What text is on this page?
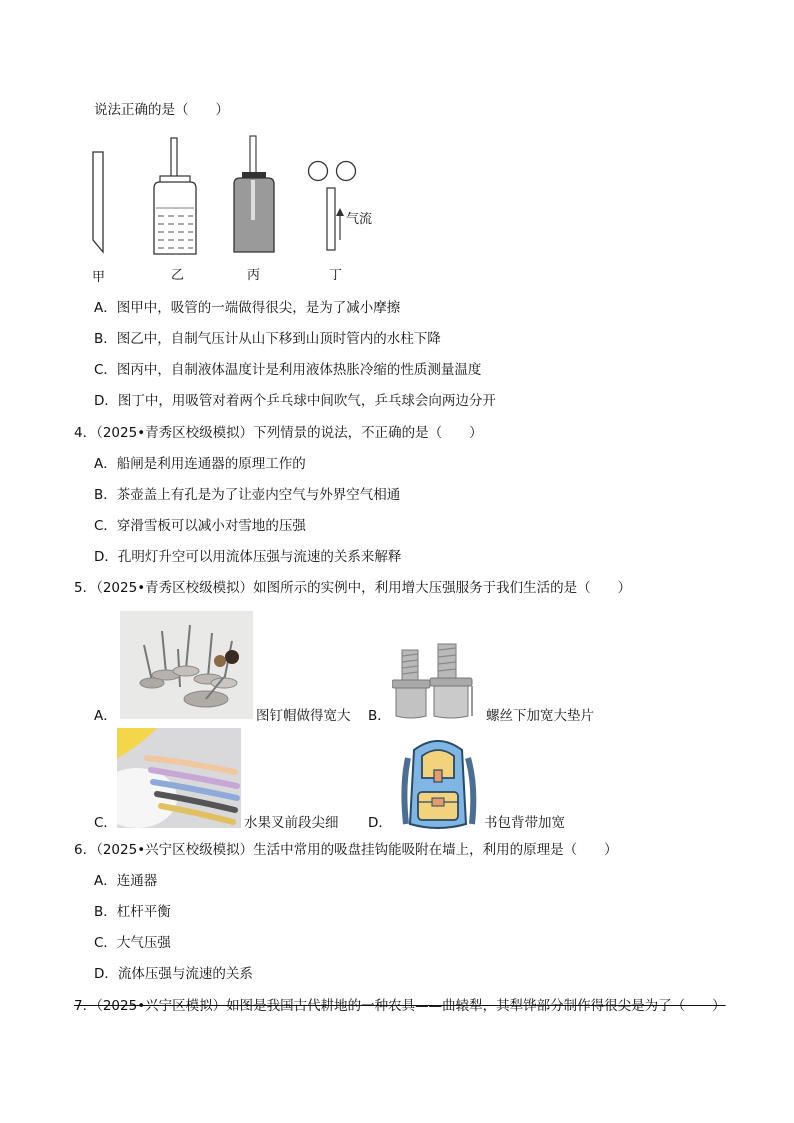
说法正确的是（　　）
甲	乙	丙
气流
丁
A．图甲中，吸管的一端做得很尖，是为了减小摩擦
B．图乙中，自制气压计从山下移到山顶时管内的水柱下降
C．图丙中，自制液体温度计是利用液体热胀冷缩的性质测量温度
D．图丁中，用吸管对着两个乒乓球中间吹气，乒乓球会向两边分开
4．（2025•青秀区校级模拟）下列情景的说法，不正确的是（　　）
A．船闸是利用连通器的原理工作的
B．茶壶盖上有孔是为了让壶内空气与外界空气相通
C．穿滑雪板可以减小对雪地的压强
D．孔明灯升空可以用流体压强与流速的关系来解释
5．（2025•青秀区校级模拟）如图所示的实例中，利用增大压强服务于我们生活的是（　　）
A．	图钉帽做得宽大 B．	螺丝下加宽大垫片
C．	水果叉前段尖细 D．	书包背带加宽
6．（2025•兴宁区校级模拟）生活中常用的吸盘挂钩能吸附在墙上，利用的原理是（　　）
A．连通器
B．杠杆平衡
C．大气压强
D．流体压强与流速的关系
7．（2025•兴宁区模拟）如图是我国古代耕地的一种农具——曲辕犁，其犁铧部分制作得很尖是为了（　　）
